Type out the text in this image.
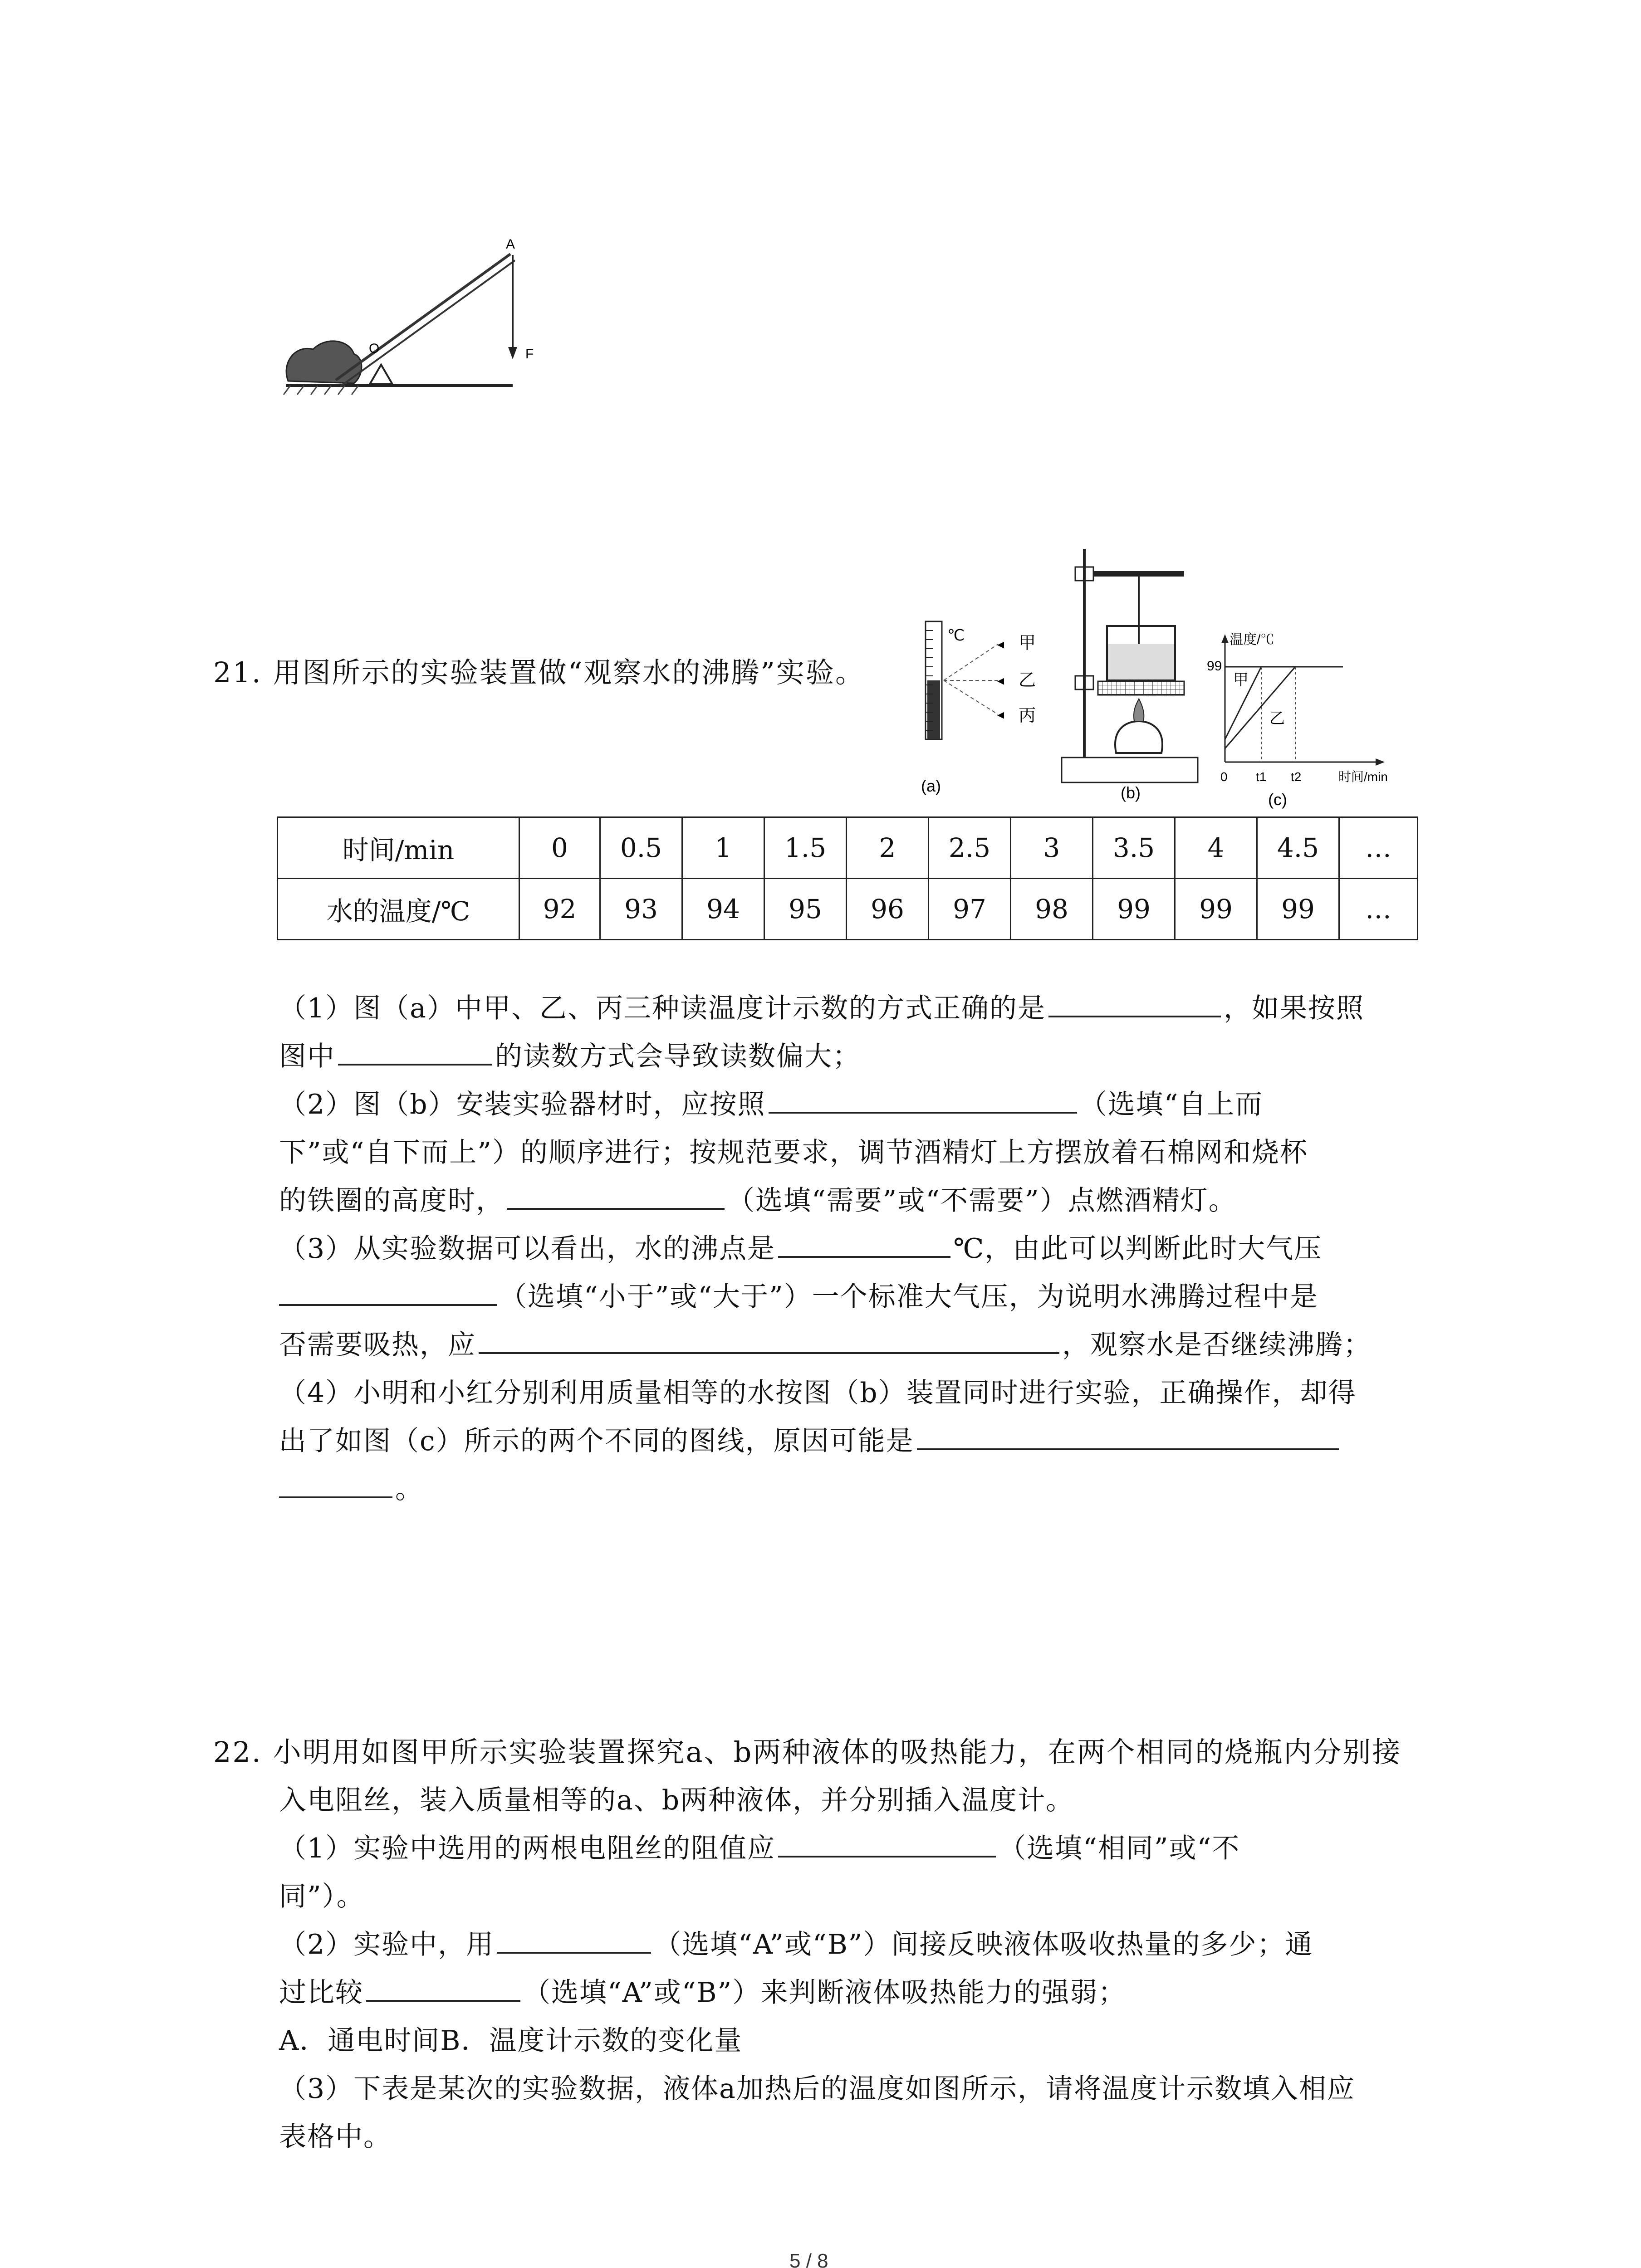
A
O	F
21. 用图所示的实验装置做“观察水的沸腾”实验。
℃
◂
◂
◂
甲
乙
丙
(a)	(b)
温度/℃
99
甲
乙
0 t1 t2	时间/min
(c)
时间/min	0	0.5	1	1.5	2	2.5	3	3.5	4	4.5	…
水的温度/℃	92	93	94	95	96	97	98	99	99	99	…
（1）图（a）中甲、乙、丙三种读温度计示数的方式正确的是	，如果按照
图中	的读数方式会导致读数偏大；
（2）图（b）安装实验器材时，应按照	（选填“自上而
下”或“自下而上”）的顺序进行；按规范要求，调节酒精灯上方摆放着石棉网和烧杯
的铁圈的高度时，	（选填“需要”或“不需要”）点燃酒精灯。
（3）从实验数据可以看出，水的沸点是	℃，由此可以判断此时大气压
（选填“小于”或“大于”）一个标准大气压，为说明水沸腾过程中是
否需要吸热，应	，观察水是否继续沸腾；
（4）小明和小红分别利用质量相等的水按图（b）装置同时进行实验，正确操作，却得
出了如图（c）所示的两个不同的图线，原因可能是
。
22. 小明用如图甲所示实验装置探究a、b两种液体的吸热能力，在两个相同的烧瓶内分别接
入电阻丝，装入质量相等的a、b两种液体，并分别插入温度计。
（1）实验中选用的两根电阻丝的阻值应	（选填“相同”或“不
同”）。
（2）实验中，用	（选填“A”或“B”）间接反映液体吸收热量的多少；通
过比较	（选填“A”或“B”）来判断液体吸热能力的强弱；
A．通电时间B．温度计示数的变化量
（3）下表是某次的实验数据，液体a加热后的温度如图所示，请将温度计示数填入相应
表格中。
5 / 8
